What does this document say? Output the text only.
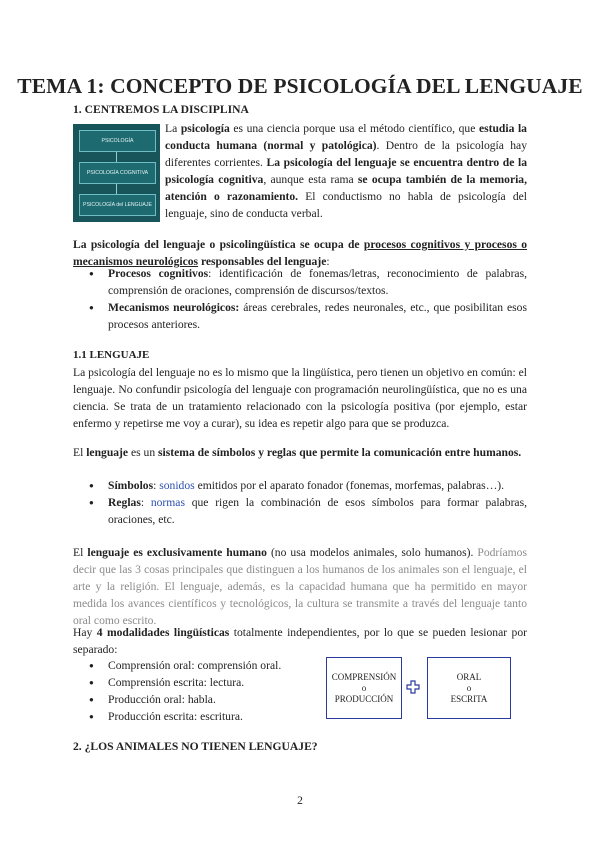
TEMA 1: CONCEPTO DE PSICOLOGÍA DEL LENGUAJE
1. CENTREMOS LA DISCIPLINA
PSICOLOGÍA
PSICOLOGÍA COGNITIVA
PSICOLOGÍA del LENGUAJE
La psicología es una ciencia porque usa el método científico, que estudia la conducta humana (normal y patológica). Dentro de la psicología hay diferentes corrientes. La psicología del lenguaje se encuentra dentro de la psicología cognitiva, aunque esta rama se ocupa también de la memoria, atención o razonamiento. El conductismo no habla de psicología del lenguaje, sino de conducta verbal.
La psicología del lenguaje o psicolingüística se ocupa de procesos cognitivos y procesos o mecanismos neurológicos responsables del lenguaje:
● Procesos cognitivos: identificación de fonemas/letras, reconocimiento de palabras, comprensión de oraciones, comprensión de discursos/textos.
● Mecanismos neurológicos: áreas cerebrales, redes neuronales, etc., que posibilitan esos procesos anteriores.
1.1 LENGUAJE
La psicología del lenguaje no es lo mismo que la lingüística, pero tienen un objetivo en común: el lenguaje. No confundir psicología del lenguaje con programación neurolingüística, que no es una ciencia. Se trata de un tratamiento relacionado con la psicología positiva (por ejemplo, estar enfermo y repetirse me voy a curar), su idea es repetir algo para que se produzca.
El lenguaje es un sistema de símbolos y reglas que permite la comunicación entre humanos.
● Símbolos: sonidos emitidos por el aparato fonador (fonemas, morfemas, palabras…).
● Reglas: normas que rigen la combinación de esos símbolos para formar palabras, oraciones, etc.
El lenguaje es exclusivamente humano (no usa modelos animales, solo humanos). Podríamos decir que las 3 cosas principales que distinguen a los humanos de los animales son el lenguaje, el arte y la religión. El lenguaje, además, es la capacidad humana que ha permitido en mayor medida los avances científicos y tecnológicos, la cultura se transmite a través del lenguaje tanto oral como escrito.
Hay 4 modalidades lingüísticas totalmente independientes, por lo que se pueden lesionar por separado:
● Comprensión oral: comprensión oral.
● Comprensión escrita: lectura.
● Producción oral: habla.
● Producción escrita: escritura.
COMPRENSIÓN
o
PRODUCCIÓN
ORAL
o
ESCRITA
2. ¿LOS ANIMALES NO TIENEN LENGUAJE?
2
